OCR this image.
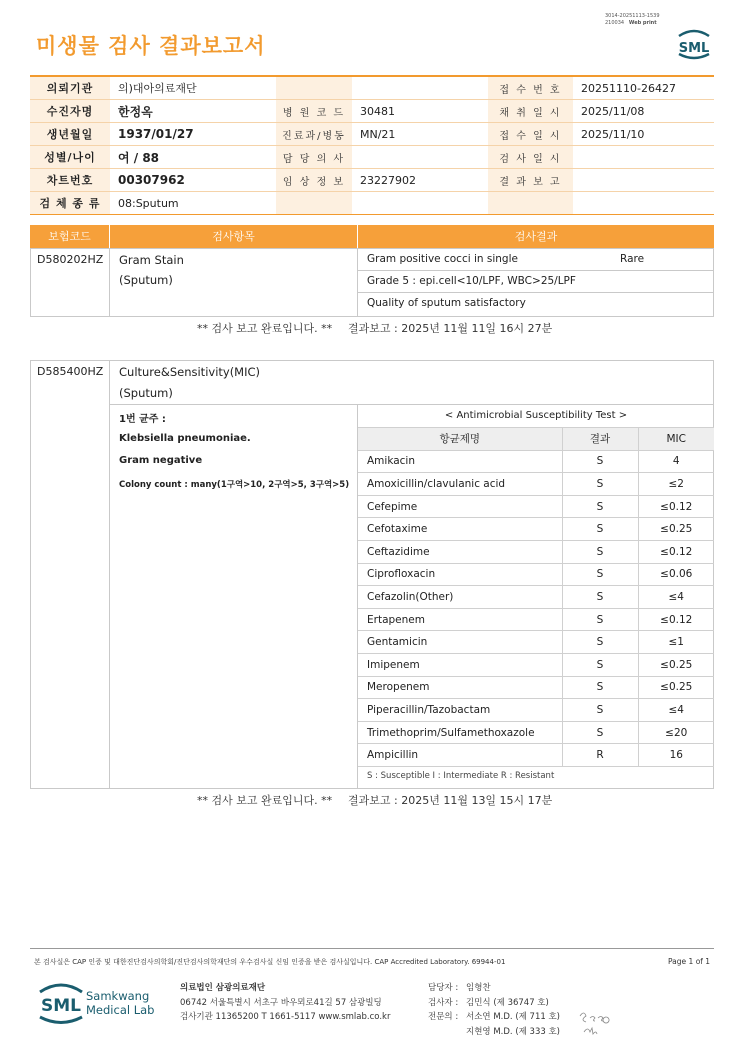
미생물 검사 결과보고서
3014-20251113-1539
210034 Web print
SML
의뢰기관	의)대아의료재단			접 수 번 호	20251110-26427
수진자명	한정옥	병 원 코 드	30481	채 취 일 시	2025/11/08
생년월일	1937/01/27	진료과/병동	MN/21	접 수 일 시	2025/11/10
성별/나이	여 / 88	담 당 의 사		검 사 일 시	
차트번호	00307962	임 상 정 보	23227902	결 과 보 고	
검 체 종 류	08:Sputum				
보험코드	검사항목	검사결과
D580202HZ Gram Stain
(Sputum)
Gram positive cocci in single	Rare
Grade 5 : epi.cell<10/LPF, WBC>25/LPF
Quality of sputum satisfactory
** 검사 보고 완료입니다. ** 결과보고 : 2025년 11월 11일 16시 27분
D585400HZ Culture&Sensitivity(MIC)
(Sputum)
1번 균주 :
Klebsiella pneumoniae.
Gram negative
Colony count : many(1구역>10, 2구역>5, 3구역>5)
< Antimicrobial Susceptibility Test >
항균제명	결과	MIC
Amikacin	S	4
Amoxicillin/clavulanic acid	S	≤2
Cefepime	S	≤0.12
Cefotaxime	S	≤0.25
Ceftazidime	S	≤0.12
Ciprofloxacin	S	≤0.06
Cefazolin(Other)	S	≤4
Ertapenem	S	≤0.12
Gentamicin	S	≤1
Imipenem	S	≤0.25
Meropenem	S	≤0.25
Piperacillin/Tazobactam	S	≤4
Trimethoprim/Sulfamethoxazole	S	≤20
Ampicillin	R	16
S : Susceptible I : Intermediate R : Resistant
** 검사 보고 완료입니다. ** 결과보고 : 2025년 11월 13일 15시 17분
본 검사실은 CAP 인증 및 대한진단검사의학회/진단검사의학재단의 우수검사실 신임 인증을 받은 검사실입니다. CAP Accredited Laboratory. 69944-01	Page 1 of 1
SML Samkwang
Medical Lab
의료법인 삼광의료재단
06742 서울특별시 서초구 바우뫼로41길 57 삼광빌딩
검사기관 11365200 T 1661-5117 www.smlab.co.kr
담당자 : 임형찬
검사자 : 김민식 (제 36747 호)
전문의 : 서소연 M.D. (제 711 호)
지현영 M.D. (제 333 호)
